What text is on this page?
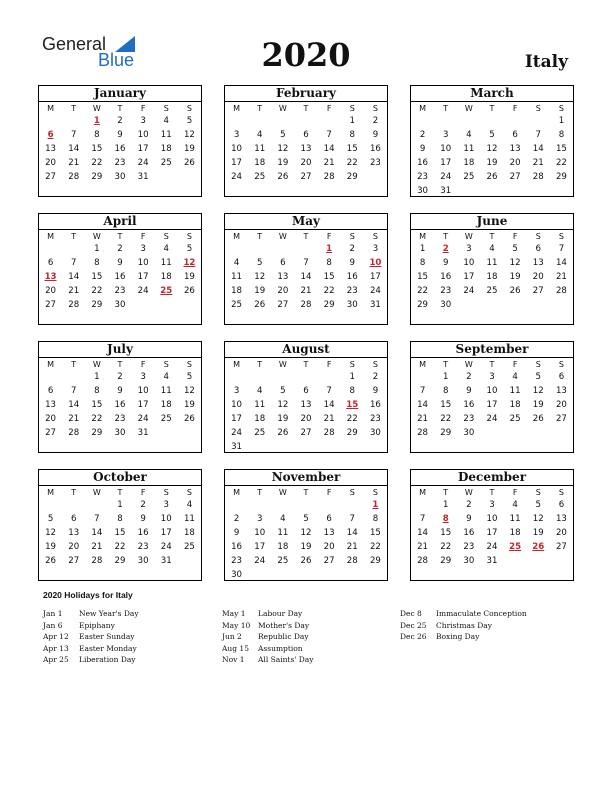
General
Blue	2020	Italy
January
M	T	W	T	F	S	S
		1	2	3	4	5
6	7	8	9	10	11	12
13	14	15	16	17	18	19
20	21	22	23	24	25	26
27	28	29	30	31		
February
M	T	W	T	F	S	S
					1	2
3	4	5	6	7	8	9
10	11	12	13	14	15	16
17	18	19	20	21	22	23
24	25	26	27	28	29	
March
M	T	W	T	F	S	S
						1
2	3	4	5	6	7	8
9	10	11	12	13	14	15
16	17	18	19	20	21	22
23	24	25	26	27	28	29
30	31					
April
M	T	W	T	F	S	S
		1	2	3	4	5
6	7	8	9	10	11	12
13	14	15	16	17	18	19
20	21	22	23	24	25	26
27	28	29	30			
May
M	T	W	T	F	S	S
				1	2	3
4	5	6	7	8	9	10
11	12	13	14	15	16	17
18	19	20	21	22	23	24
25	26	27	28	29	30	31
June
M	T	W	T	F	S	S
1	2	3	4	5	6	7
8	9	10	11	12	13	14
15	16	17	18	19	20	21
22	23	24	25	26	27	28
29	30					
July
M	T	W	T	F	S	S
		1	2	3	4	5
6	7	8	9	10	11	12
13	14	15	16	17	18	19
20	21	22	23	24	25	26
27	28	29	30	31		
August
M	T	W	T	F	S	S
					1	2
3	4	5	6	7	8	9
10	11	12	13	14	15	16
17	18	19	20	21	22	23
24	25	26	27	28	29	30
31						
September
M	T	W	T	F	S	S
	1	2	3	4	5	6
7	8	9	10	11	12	13
14	15	16	17	18	19	20
21	22	23	24	25	26	27
28	29	30				
October
M	T	W	T	F	S	S
			1	2	3	4
5	6	7	8	9	10	11
12	13	14	15	16	17	18
19	20	21	22	23	24	25
26	27	28	29	30	31	
November
M	T	W	T	F	S	S
						1
2	3	4	5	6	7	8
9	10	11	12	13	14	15
16	17	18	19	20	21	22
23	24	25	26	27	28	29
30						
December
M	T	W	T	F	S	S
	1	2	3	4	5	6
7	8	9	10	11	12	13
14	15	16	17	18	19	20
21	22	23	24	25	26	27
28	29	30	31			
2020 Holidays for Italy
Jan 1 New Year's Day
Jan 6 Epiphany
Apr 12 Easter Sunday
Apr 13 Easter Monday
Apr 25 Liberation Day
May 1 Labour Day
May 10 Mother's Day
Jun 2 Republic Day
Aug 15 Assumption
Nov 1 All Saints' Day
Dec 8 Immaculate Conception
Dec 25 Christmas Day
Dec 26 Boxing Day
